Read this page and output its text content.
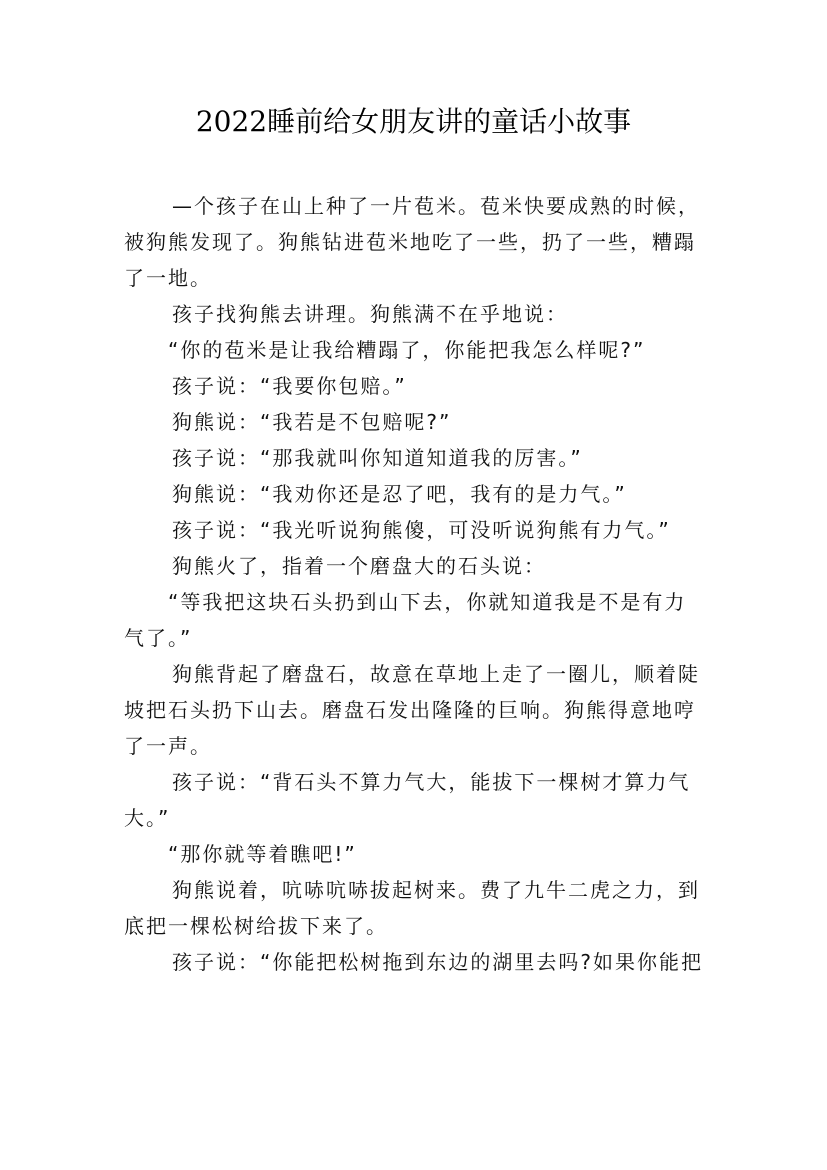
2022睡前给女朋友讲的童话小故事

—个孩子在山上种了一片苞米。苞米快要成熟的时候，

被狗熊发现了。狗熊钻进苞米地吃了一些，扔了一些，糟蹋

了一地。

孩子找狗熊去讲理。狗熊满不在乎地说：

“你的苞米是让我给糟蹋了，你能把我怎么样呢?”

孩子说：“我要你包赔。”

狗熊说：“我若是不包赔呢?”

孩子说：“那我就叫你知道知道我的厉害。”

狗熊说：“我劝你还是忍了吧，我有的是力气。”

孩子说：“我光听说狗熊傻，可没听说狗熊有力气。”

狗熊火了，指着一个磨盘大的石头说：

“等我把这块石头扔到山下去，你就知道我是不是有力

气了。”

狗熊背起了磨盘石，故意在草地上走了一圈儿，顺着陡

坡把石头扔下山去。磨盘石发出隆隆的巨响。狗熊得意地哼

了一声。

孩子说：“背石头不算力气大，能拔下一棵树才算力气

大。”

“那你就等着瞧吧!”

狗熊说着，吭哧吭哧拔起树来。费了九牛二虎之力，到

底把一棵松树给拔下来了。

孩子说：“你能把松树拖到东边的湖里去吗?如果你能把
